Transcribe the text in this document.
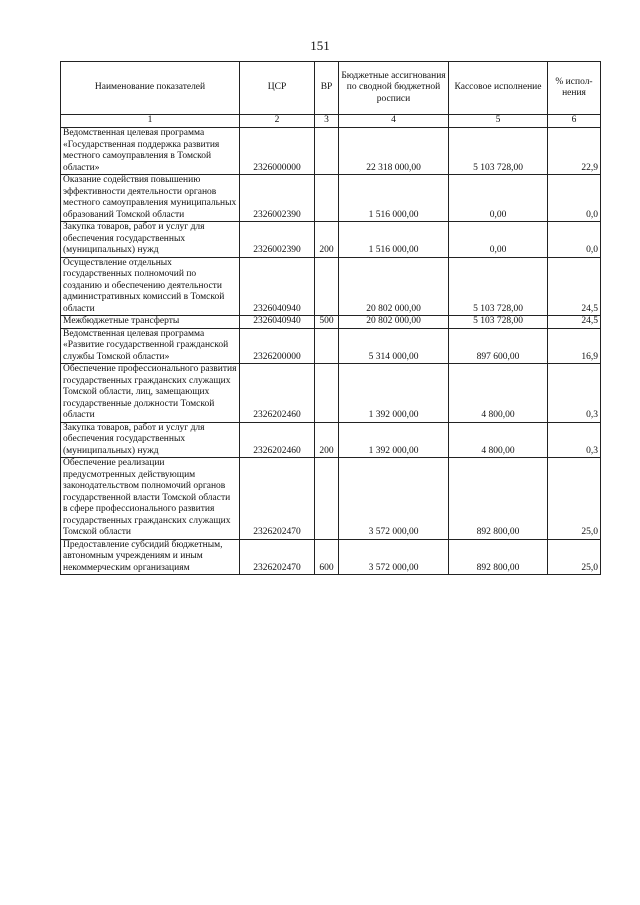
151
Наименование показателей	ЦСР	ВР	Бюджетные ассигнования по сводной бюджетной росписи	Кассовое исполнение	% испол-нения
1	2	3	4	5	6
Ведомственная целевая программа «Государственная поддержка развития местного самоуправления в Томской области»	2326000000		22 318 000,00	5 103 728,00	22,9
Оказание содействия повышению эффективности деятельности органов местного самоуправления муниципальных образований Томской области	2326002390		1 516 000,00	0,00	0,0
Закупка товаров, работ и услуг для обеспечения государственных (муниципальных) нужд	2326002390	200	1 516 000,00	0,00	0,0
Осуществление отдельных государственных полномочий по созданию и обеспечению деятельности административных комиссий в Томской области	2326040940		20 802 000,00	5 103 728,00	24,5
Межбюджетные трансферты	2326040940	500	20 802 000,00	5 103 728,00	24,5
Ведомственная целевая программа «Развитие государственной гражданской службы Томской области»	2326200000		5 314 000,00	897 600,00	16,9
Обеспечение профессионального развития государственных гражданских служащих Томской области, лиц, замещающих государственные должности Томской области	2326202460		1 392 000,00	4 800,00	0,3
Закупка товаров, работ и услуг для обеспечения государственных (муниципальных) нужд	2326202460	200	1 392 000,00	4 800,00	0,3
Обеспечение реализации предусмотренных действующим законодательством полномочий органов государственной власти Томской области в сфере профессионального развития государственных гражданских служащих Томской области	2326202470		3 572 000,00	892 800,00	25,0
Предоставление субсидий бюджетным, автономным учреждениям и иным некоммерческим организациям	2326202470	600	3 572 000,00	892 800,00	25,0
